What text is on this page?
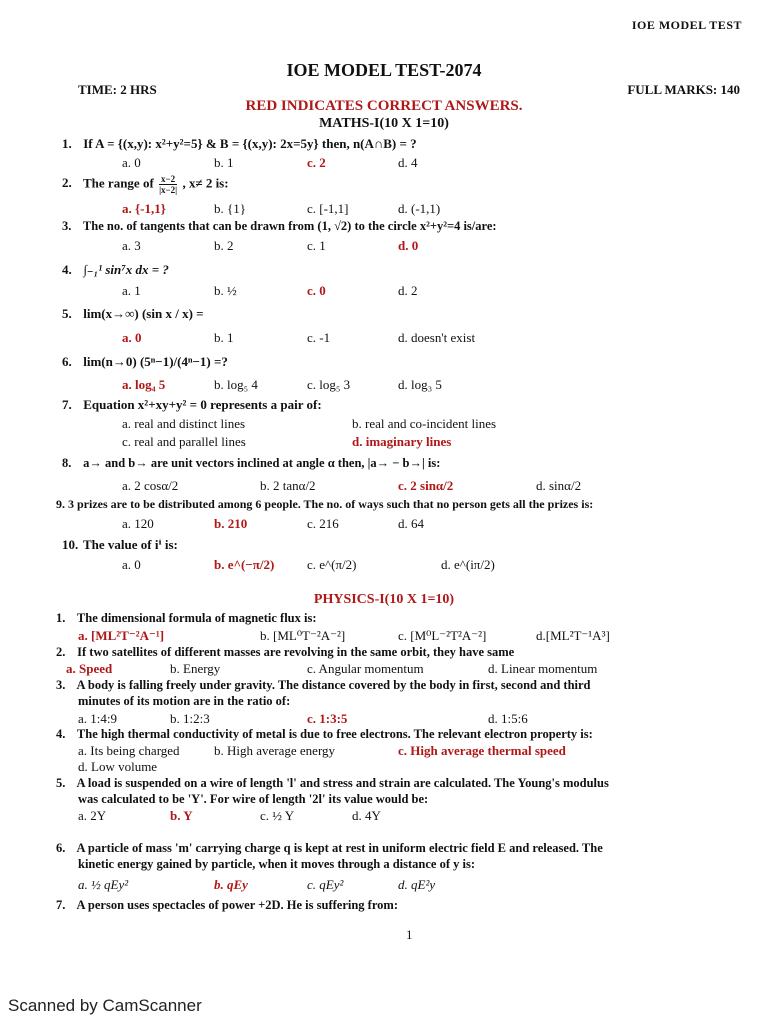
IOE MODEL TEST
IOE MODEL TEST-2074
TIME: 2 HRS	FULL MARKS: 140
RED INDICATES CORRECT ANSWERS.
MATHS-I(10 X 1=10)
1. If A = {(x,y): x²+y²=5} & B = {(x,y): 2x=5y} then, n(A∩B) = ?
a. 0	b. 1	c. 2	d. 4
2. The range of $\frac{x-2}{|x-2|}$ , x≠ 2 is:
a. {-1,1}	b. {1}	c. [-1,1]	d. (-1,1)
3. The no. of tangents that can be drawn from (1, √2) to the circle x²+y²=4 is/are:
a. 3	b. 2	c. 1	d. 0
4. ∫₋₁¹ sin⁷x dx = ?
a. 1	b. ½	c. 0	d. 2
5. lim(x→∞) (sin x / x) =
a. 0	b. 1	c. -1	d. doesn't exist
6. lim(n→0) (5ⁿ−1)/(4ⁿ−1) =?
a. log₄ 5	b. log₅ 4	c. log₅ 3	d. log₃ 5
7. Equation x²+xy+y² = 0 represents a pair of:
a. real and distinct lines	b. real and co-incident lines
c. real and parallel lines	d. imaginary lines
8. a→ and b→ are unit vectors inclined at angle α then, |a→ − b→| is:
a. 2 cosα/2	b. 2 tanα/2	c. 2 sinα/2	d. sinα/2
9. 3 prizes are to be distributed among 6 people. The no. of ways such that no person gets all the prizes is:
a. 120	b. 210	c. 216	d. 64
10. The value of iⁱ is:
a. 0	b. e^(−π/2)	c. e^(π/2)	d. e^(iπ/2)
PHYSICS-I(10 X 1=10)
1. The dimensional formula of magnetic flux is:
a. [ML²T⁻²A⁻¹]	b. [ML⁰T⁻²A⁻²]	c. [M⁰L⁻²T²A⁻²]	d.[ML²T⁻¹A³]
2. If two satellites of different masses are revolving in the same orbit, they have same
a. Speed	b. Energy	c. Angular momentum	d. Linear momentum
3. A body is falling freely under gravity. The distance covered by the body in first, second and third
minutes of its motion are in the ratio of:
a. 1:4:9	b. 1:2:3	c. 1:3:5	d. 1:5:6
4. The high thermal conductivity of metal is due to free electrons. The relevant electron property is:
a. Its being charged	b. High average energy	c. High average thermal speed
d. Low volume
5. A load is suspended on a wire of length 'l' and stress and strain are calculated. The Young's modulus
was calculated to be 'Y'. For wire of length '2l' its value would be:
a. 2Y	b. Y	c. ½ Y	d. 4Y
6. A particle of mass 'm' carrying charge q is kept at rest in uniform electric field E and released. The
kinetic energy gained by particle, when it moves through a distance of y is:
a. ½ qEy²	b. qEy	c. qEy²	d. qE²y
7. A person uses spectacles of power +2D. He is suffering from:
1
Scanned by CamScanner
